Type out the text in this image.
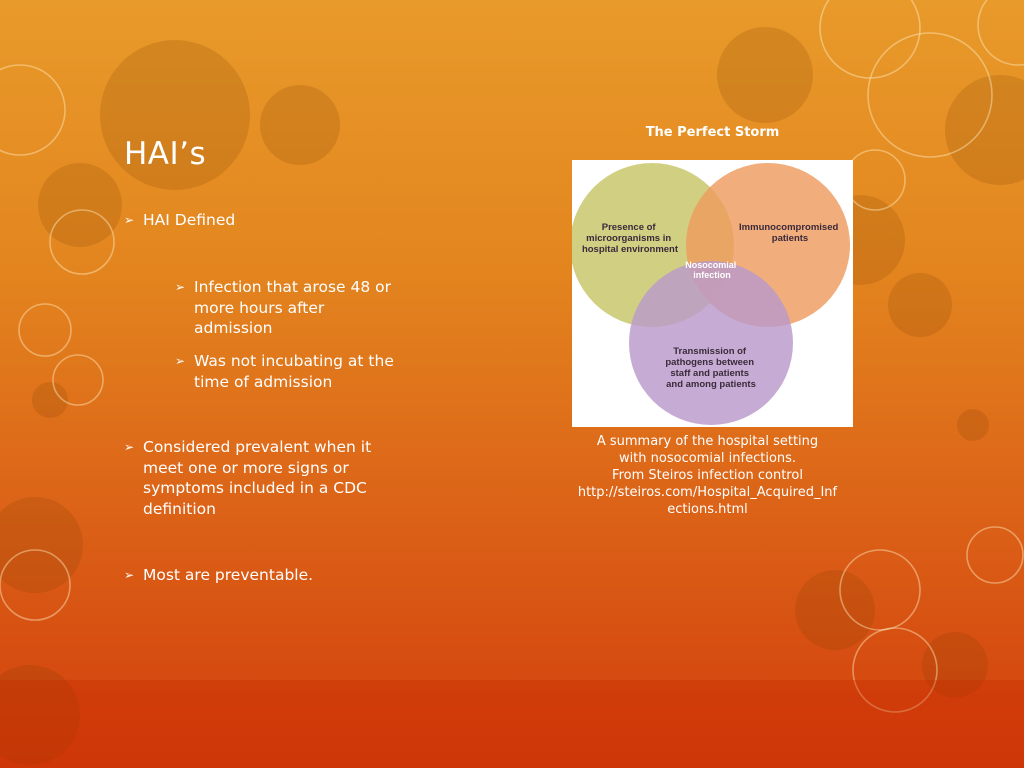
HAI’s
➢ HAI Defined
➢ Infection that arose 48 or more hours after admission
➢ Was not incubating at the time of admission
➢ Considered prevalent when it meet one or more signs or symptoms included in a CDC definition
➢ Most are preventable.
The Perfect Storm
Presence of microorganisms in hospital environment
Immunocompromised patients
Transmission of pathogens between staff and patients and among patients
Nosocomial infection
A summary of the hospital setting
with nosocomial infections.
From Steiros infection control
http://steiros.com/Hospital_Acquired_Inf
ections.html
